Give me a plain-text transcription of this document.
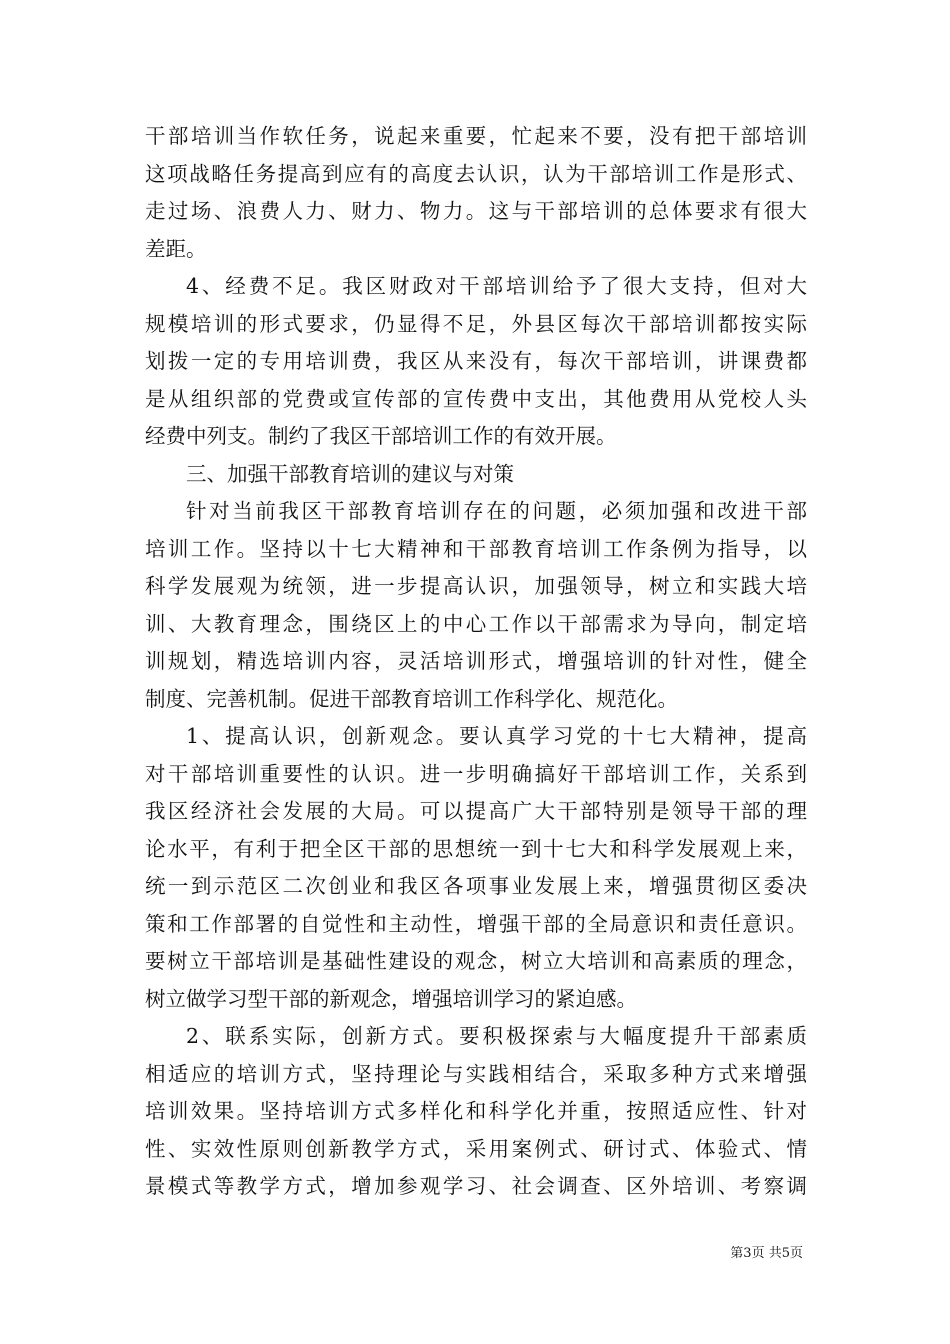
干部培训当作软任务，说起来重要，忙起来不要，没有把干部培训
这项战略任务提高到应有的高度去认识，认为干部培训工作是形式、
走过场、浪费人力、财力、物力。这与干部培训的总体要求有很大
差距。
4、经费不足。我区财政对干部培训给予了很大支持，但对大
规模培训的形式要求，仍显得不足，外县区每次干部培训都按实际
划拨一定的专用培训费，我区从来没有，每次干部培训，讲课费都
是从组织部的党费或宣传部的宣传费中支出，其他费用从党校人头
经费中列支。制约了我区干部培训工作的有效开展。
三、加强干部教育培训的建议与对策
针对当前我区干部教育培训存在的问题，必须加强和改进干部
培训工作。坚持以十七大精神和干部教育培训工作条例为指导，以
科学发展观为统领，进一步提高认识，加强领导，树立和实践大培
训、大教育理念，围绕区上的中心工作以干部需求为导向，制定培
训规划，精选培训内容，灵活培训形式，增强培训的针对性，健全
制度、完善机制。促进干部教育培训工作科学化、规范化。
1、提高认识，创新观念。要认真学习党的十七大精神，提高
对干部培训重要性的认识。进一步明确搞好干部培训工作，关系到
我区经济社会发展的大局。可以提高广大干部特别是领导干部的理
论水平，有利于把全区干部的思想统一到十七大和科学发展观上来，
统一到示范区二次创业和我区各项事业发展上来，增强贯彻区委决
策和工作部署的自觉性和主动性，增强干部的全局意识和责任意识。
要树立干部培训是基础性建设的观念，树立大培训和高素质的理念，
树立做学习型干部的新观念，增强培训学习的紧迫感。
2、联系实际，创新方式。要积极探索与大幅度提升干部素质
相适应的培训方式，坚持理论与实践相结合，采取多种方式来增强
培训效果。坚持培训方式多样化和科学化并重，按照适应性、针对
性、实效性原则创新教学方式，采用案例式、研讨式、体验式、情
景模式等教学方式，增加参观学习、社会调查、区外培训、考察调
第3页 共5页
